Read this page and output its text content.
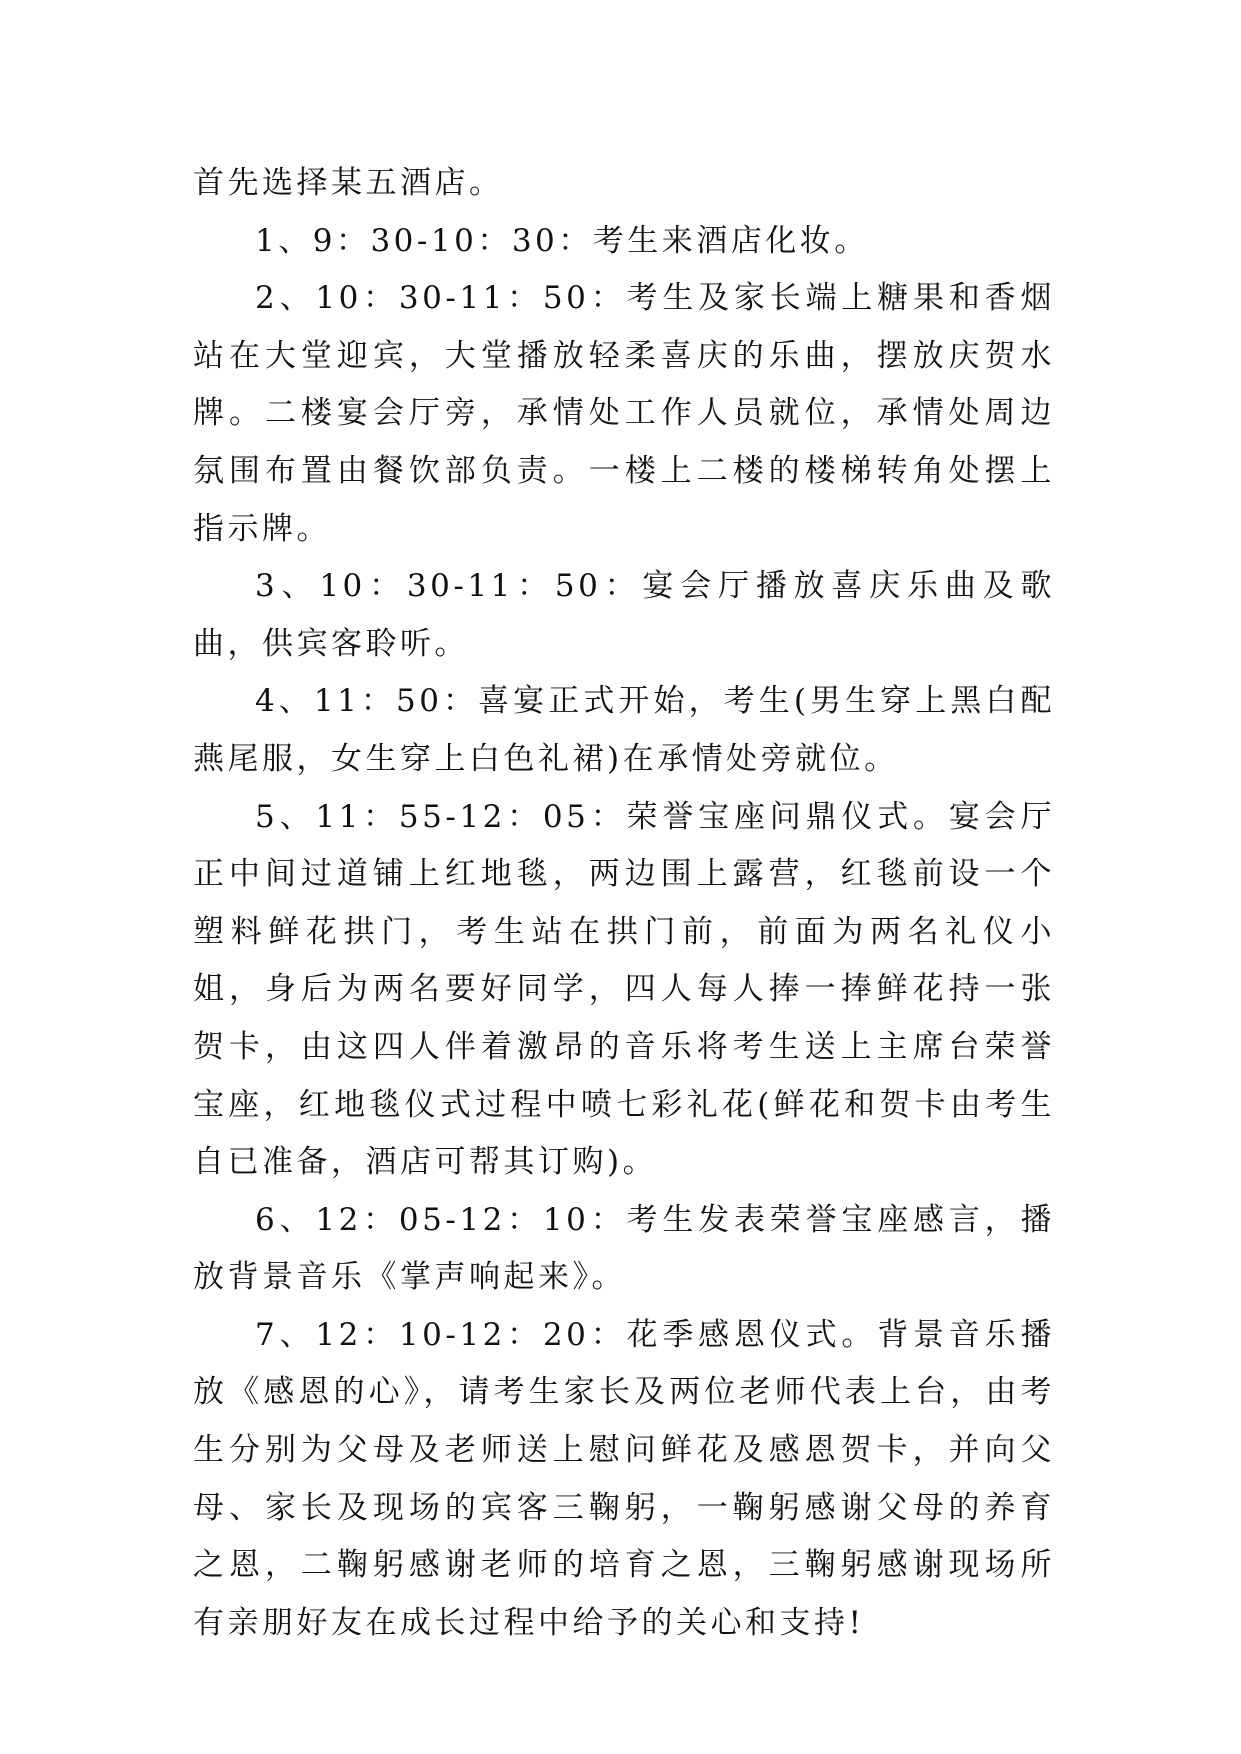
首先选择某五酒店。

1、9：30-10：30：考生来酒店化妆。

2、10：30-11：50：考生及家长端上糖果和香烟站在大堂迎宾，大堂播放轻柔喜庆的乐曲，摆放庆贺水牌。二楼宴会厅旁，承情处工作人员就位，承情处周边氛围布置由餐饮部负责。一楼上二楼的楼梯转角处摆上指示牌。

3、10：30-11：50：宴会厅播放喜庆乐曲及歌曲，供宾客聆听。

4、11：50：喜宴正式开始，考生(男生穿上黑白配燕尾服，女生穿上白色礼裙)在承情处旁就位。

5、11：55-12：05：荣誉宝座问鼎仪式。宴会厅正中间过道铺上红地毯，两边围上露营，红毯前设一个塑料鲜花拱门，考生站在拱门前，前面为两名礼仪小姐，身后为两名要好同学，四人每人捧一捧鲜花持一张贺卡，由这四人伴着激昂的音乐将考生送上主席台荣誉宝座，红地毯仪式过程中喷七彩礼花(鲜花和贺卡由考生自已准备，酒店可帮其订购)。

6、12：05-12：10：考生发表荣誉宝座感言，播放背景音乐《掌声响起来》。

7、12：10-12：20：花季感恩仪式。背景音乐播放《感恩的心》，请考生家长及两位老师代表上台，由考生分别为父母及老师送上慰问鲜花及感恩贺卡，并向父母、家长及现场的宾客三鞠躬，一鞠躬感谢父母的养育之恩，二鞠躬感谢老师的培育之恩，三鞠躬感谢现场所有亲朋好友在成长过程中给予的关心和支持!
